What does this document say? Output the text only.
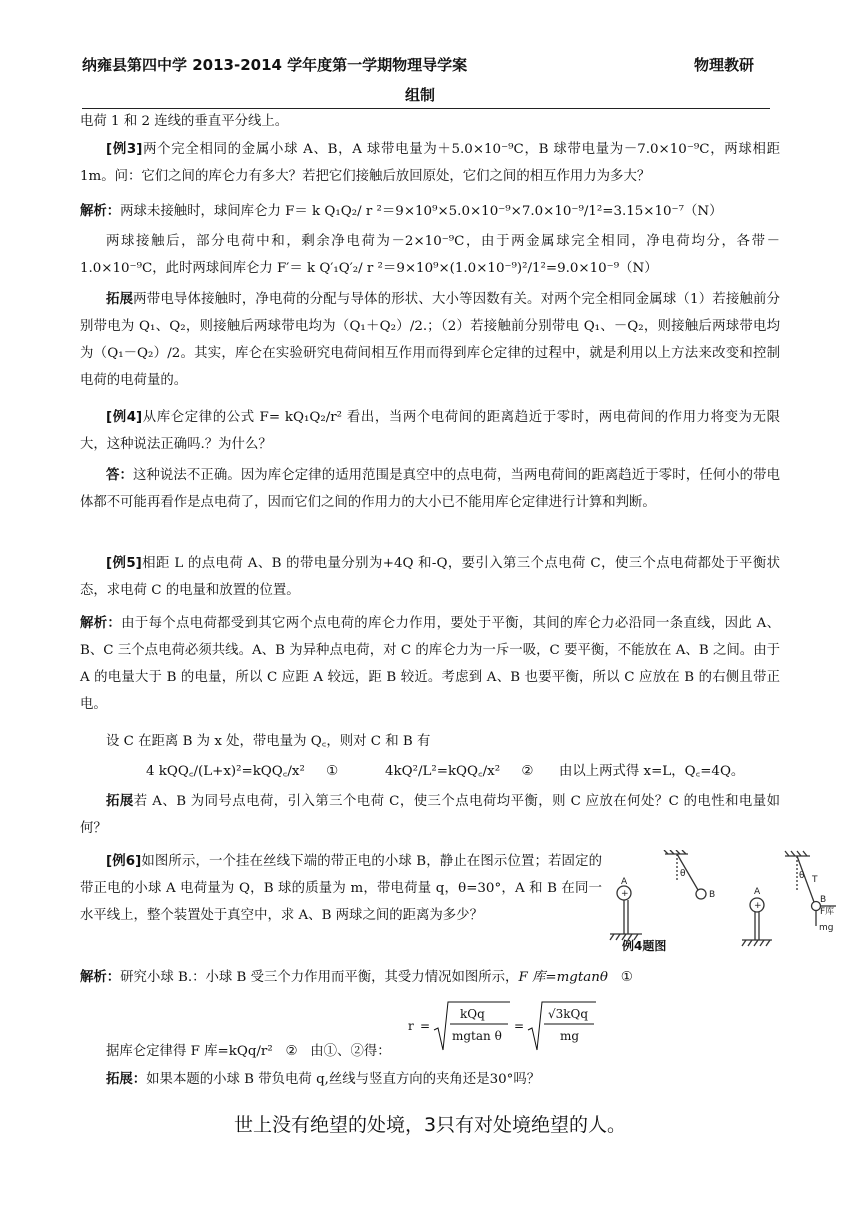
纳雍县第四中学 2013-2014 学年度第一学期物理导学案	物理教研
组制

电荷 1 和 2 连线的垂直平分线上。

[例3]两个完全相同的金属小球 A、B，A 球带电量为＋5.0×10⁻⁹C，B 球带电量为－7.0×10⁻⁹C，两球相距1m。问：它们之间的库仑力有多大？若把它们接触后放回原处，它们之间的相互作用力为多大？

解析：两球未接触时，球间库仑力 F＝ k Q₁Q₂/ r ²＝9×10⁹×5.0×10⁻⁹×7.0×10⁻⁹/1²=3.15×10⁻⁷（N）

两球接触后，部分电荷中和，剩余净电荷为－2×10⁻⁹C，由于两金属球完全相同，净电荷均分，各带－1.0×10⁻⁹C，此时两球间库仑力 F′＝ k Q′₁Q′₂/ r ²＝9×10⁹×(1.0×10⁻⁹)²/1²=9.0×10⁻⁹（N）

拓展两带电导体接触时，净电荷的分配与导体的形状、大小等因数有关。对两个完全相同金属球（1）若接触前分别带电为 Q₁、Q₂，则接触后两球带电均为（Q₁＋Q₂）/2.；（2）若接触前分别带电 Q₁、－Q₂，则接触后两球带电均为（Q₁－Q₂）/2。其实，库仑在实验研究电荷间相互作用而得到库仑定律的过程中，就是利用以上方法来改变和控制电荷的电荷量的。

[例4]从库仑定律的公式 F= kQ₁Q₂/r² 看出，当两个电荷间的距离趋近于零时，两电荷间的作用力将变为无限大，这种说法正确吗.？为什么？

答：这种说法不正确。因为库仑定律的适用范围是真空中的点电荷，当两电荷间的距离趋近于零时，任何小的带电体都不可能再看作是点电荷了，因而它们之间的作用力的大小已不能用库仑定律进行计算和判断。

[例5]相距 L 的点电荷 A、B 的带电量分别为+4Q 和-Q，要引入第三个点电荷 C，使三个点电荷都处于平衡状态，求电荷 C 的电量和放置的位置。

解析：由于每个点电荷都受到其它两个点电荷的库仑力作用，要处于平衡，其间的库仑力必沿同一条直线，因此 A、B、C 三个点电荷必须共线。A、B 为异种点电荷，对 C 的库仑力为一斥一吸，C 要平衡，不能放在 A、B 之间。由于 A 的电量大于 B 的电量，所以 C 应距 A 较远，距 B 较近。考虑到 A、B 也要平衡，所以 C 应放在 B 的右侧且带正电。

设 C 在距离 B 为 x 处，带电量为 Q꜀，则对 C 和 B 有

4 kQQ꜀/(L+x)²=kQQ꜀/x² ①	4kQ²/L²=kQQ꜀/x² ② 由以上两式得 x=L，Q꜀=4Q。

拓展若 A、B 为同号点电荷，引入第三个电荷 C，使三个点电荷均平衡，则 C 应放在何处？C 的电性和电量如何？

[例6]如图所示，一个挂在丝线下端的带正电的小球 B，静止在图示位置；若固定的带正电的小球 A 电荷量为 Q，B 球的质量为 m，带电荷量 q，θ=30°，A 和 B 在同一水平线上，整个装置处于真空中，求 A、B 两球之间的距离为多少？

A
+	B
θ
A
+
B
θ T
F库
mg
例4题图

解析：研究小球 B.：小球 B 受三个力作用而平衡，其受力情况如图所示，F 库=mgtanθ ①

r =
kQq
mgtan θ
=
√3kQq
mg

据库仑定律得 F 库=kQq/r² ② 由①、②得：

拓展：如果本题的小球 B 带负电荷 q,丝线与竖直方向的夹角还是30°吗？

世上没有绝望的处境，3只有对处境绝望的人。
